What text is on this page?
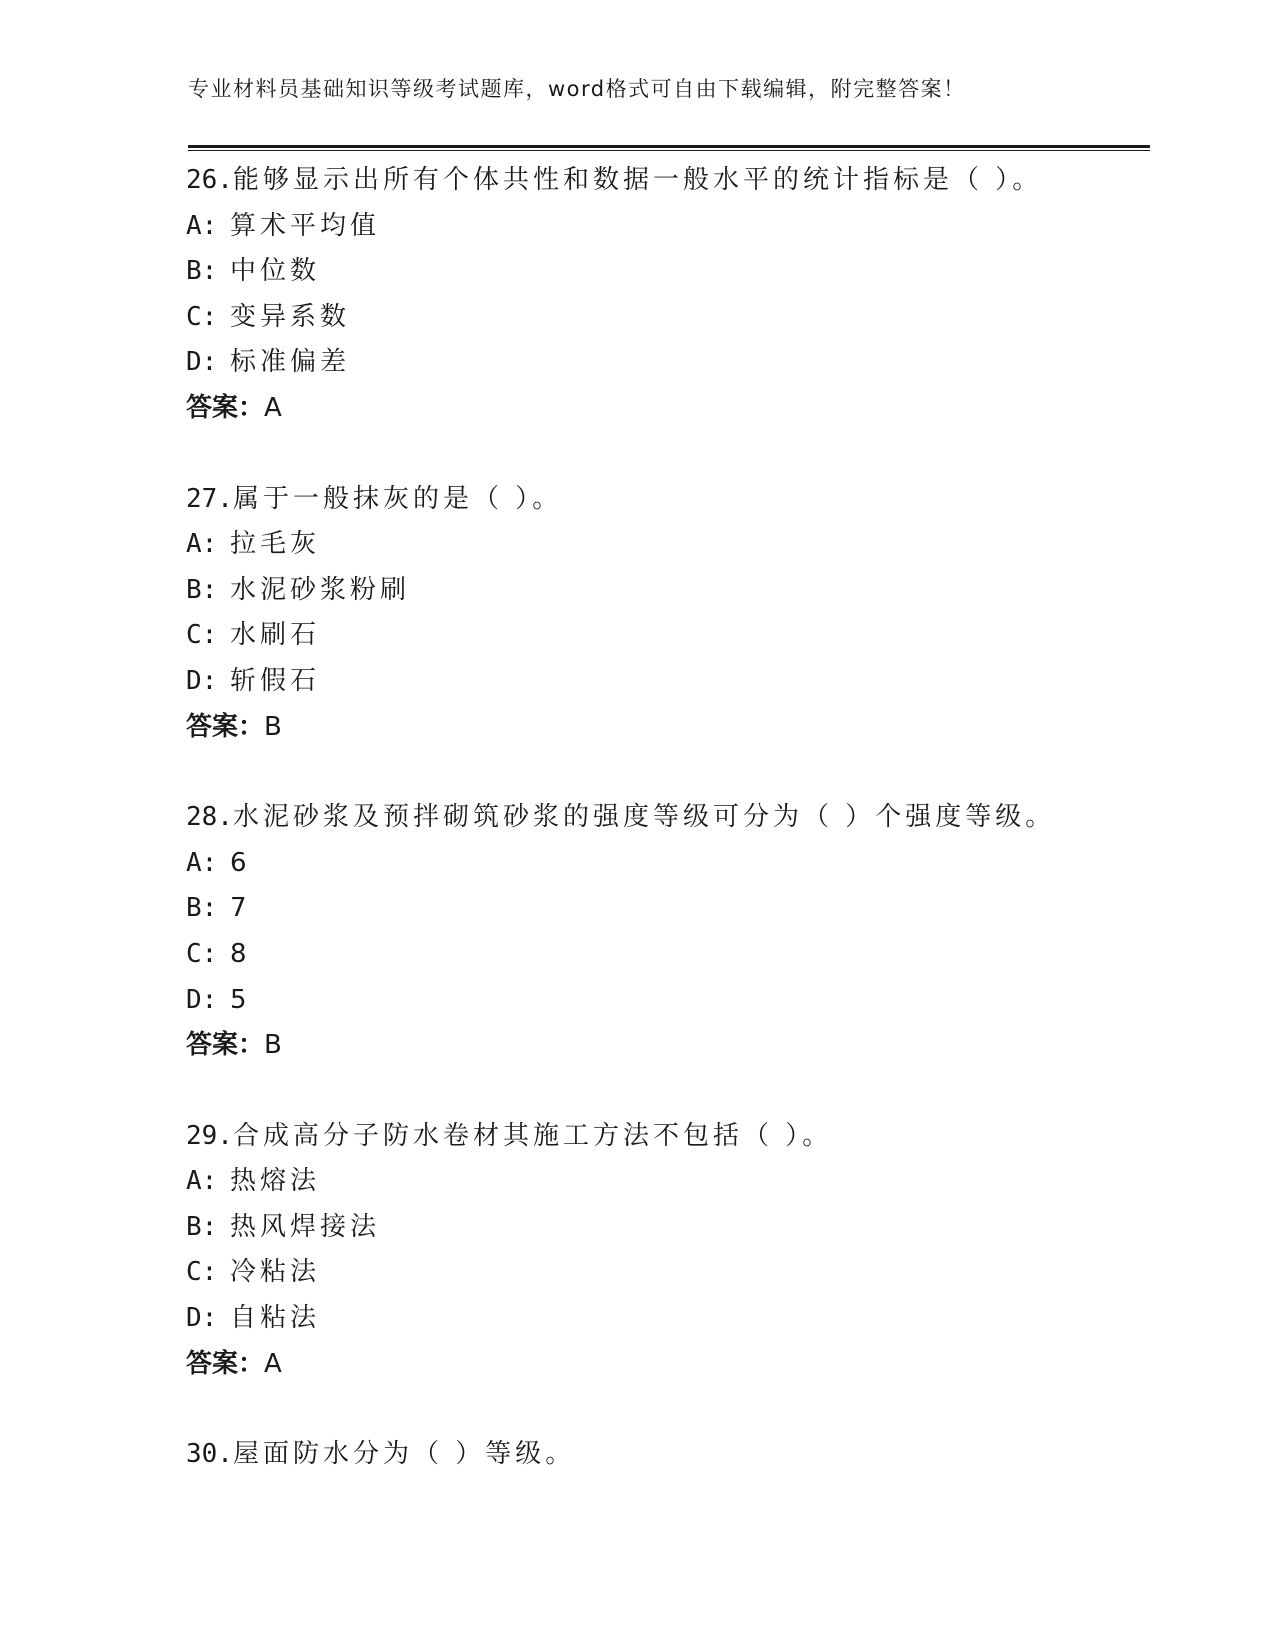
专业材料员基础知识等级考试题库，word格式可自由下载编辑，附完整答案！
26.能够显示出所有个体共性和数据一般水平的统计指标是（ ）。
A: 算术平均值
B: 中位数
C: 变异系数
D: 标准偏差
答案：A
27.属于一般抹灰的是（ ）。
A: 拉毛灰
B: 水泥砂浆粉刷
C: 水刷石
D: 斩假石
答案：B
28.水泥砂浆及预拌砌筑砂浆的强度等级可分为（ ）个强度等级。
A: 6
B: 7
C: 8
D: 5
答案：B
29.合成高分子防水卷材其施工方法不包括（ ）。
A: 热熔法
B: 热风焊接法
C: 冷粘法
D: 自粘法
答案：A
30.屋面防水分为（ ）等级。
